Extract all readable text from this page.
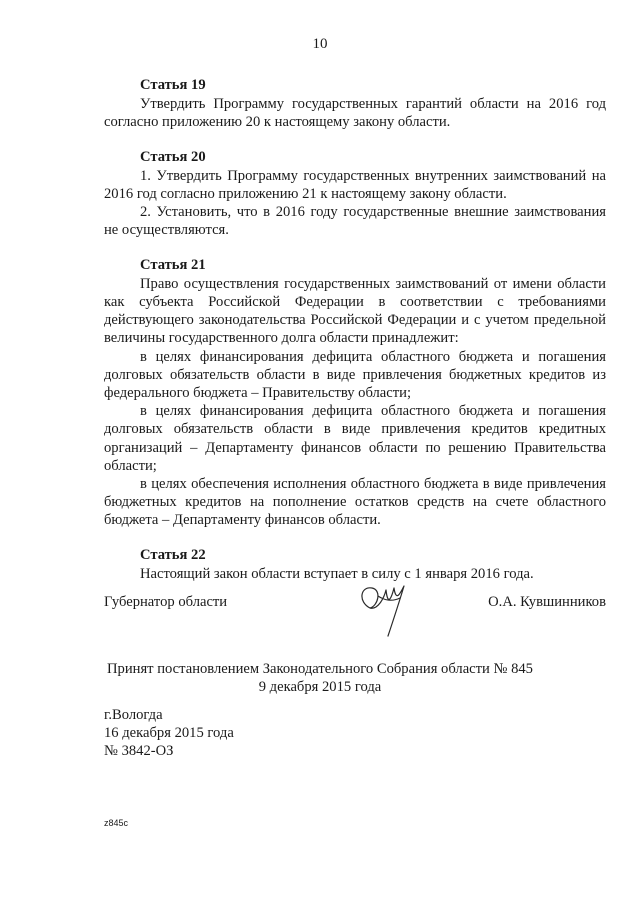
10
Статья 19

Утвердить Программу государственных гарантий области на 2016 год согласно приложению 20 к настоящему закону области.

Статья 20

1. Утвердить Программу государственных внутренних заимствований на 2016 год согласно приложению 21 к настоящему закону области.

2. Установить, что в 2016 году государственные внешние заимствования не осуществляются.

Статья 21

Право осуществления государственных заимствований от имени области как субъекта Российской Федерации в соответствии с требованиями действующего законодательства Российской Федерации и с учетом предельной величины государственного долга области принадлежит:

в целях финансирования дефицита областного бюджета и погашения долговых обязательств области в виде привлечения бюджетных кредитов из федерального бюджета – Правительству области;

в целях финансирования дефицита областного бюджета и погашения долговых обязательств области в виде привлечения кредитов кредитных организаций – Департаменту финансов области по решению Правительства области;

в целях обеспечения исполнения областного бюджета в виде привлечения бюджетных кредитов на пополнение остатков средств на счете областного бюджета – Департаменту финансов области.

Статья 22

Настоящий закон области вступает в силу с 1 января 2016 года.

Губернатор области	О.А. Кувшинников
Принят постановлением Законодательного Собрания области № 845
9 декабря 2015 года
г.Вологда
16 декабря 2015 года
№ 3842-ОЗ
z845c
